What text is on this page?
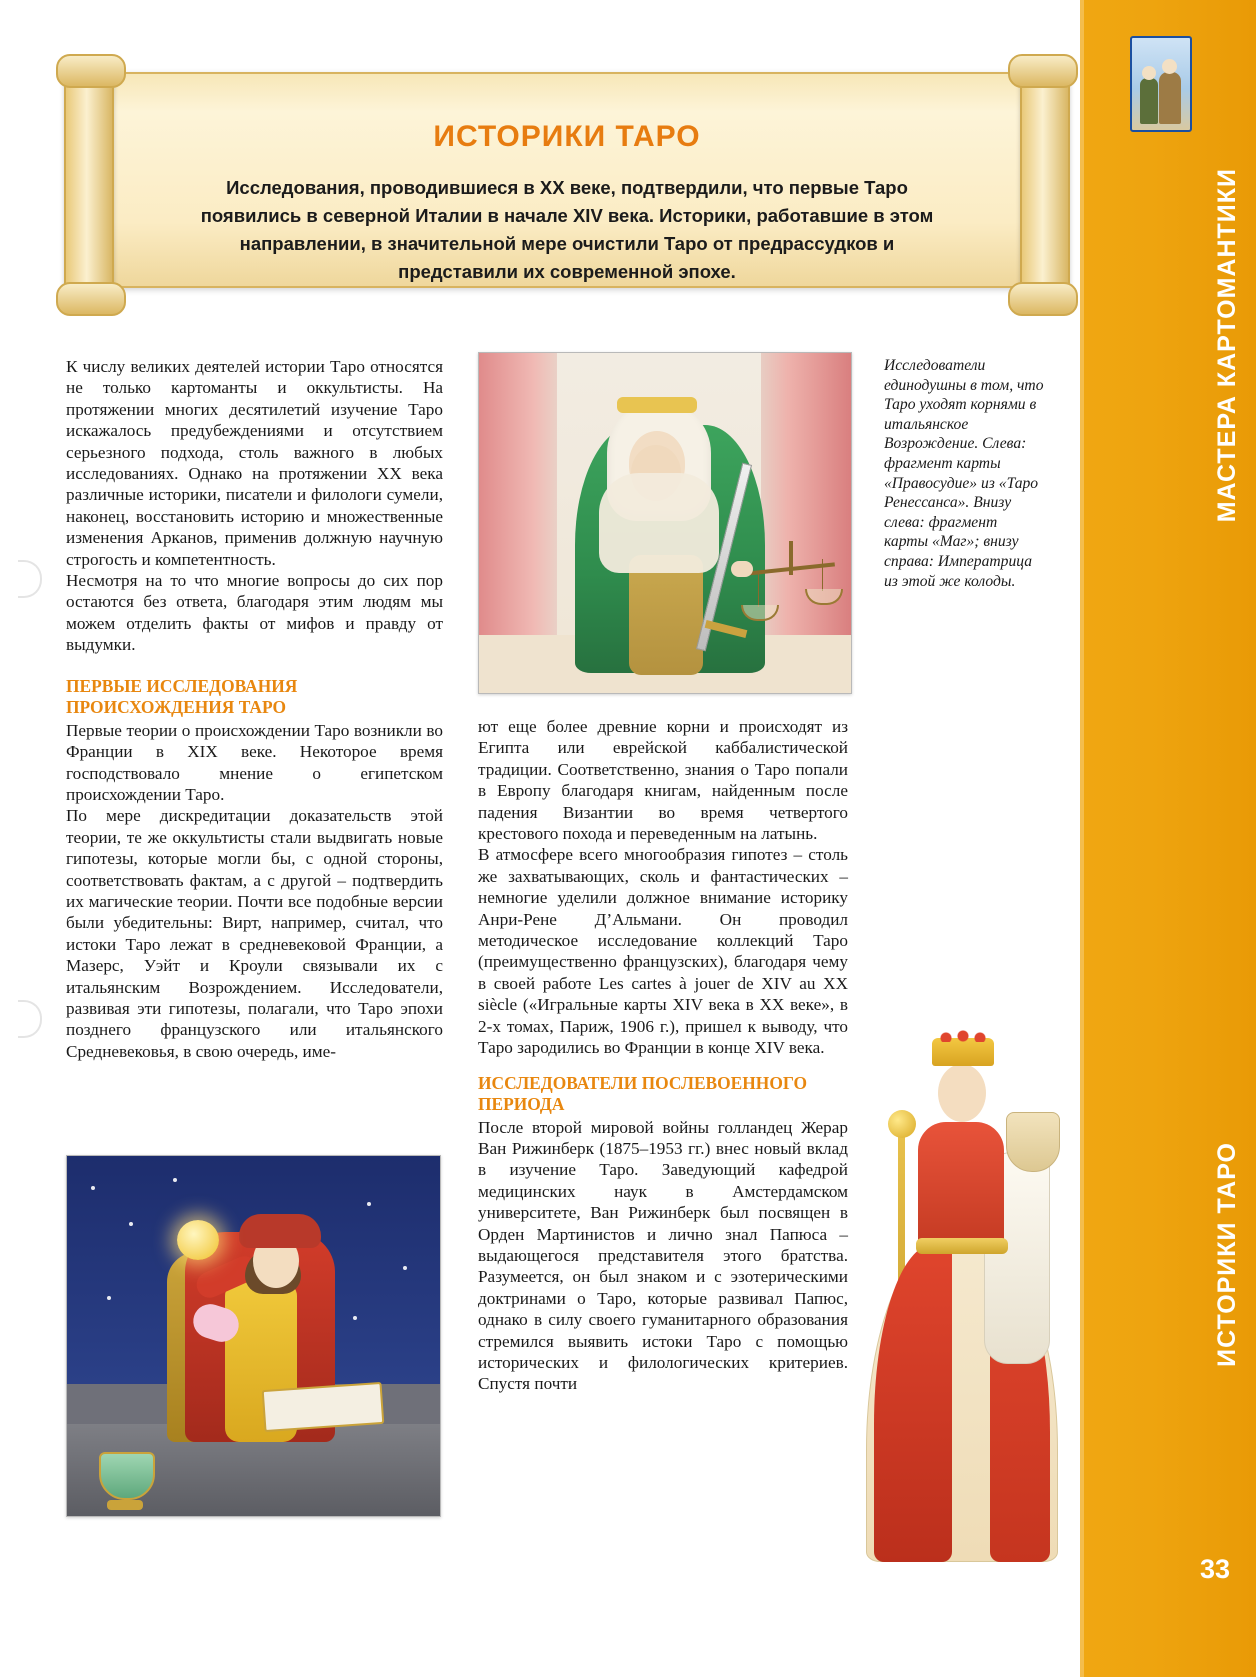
МАСТЕРА КАРТОМАНТИКИ
ИСТОРИКИ ТАРО
33
ИСТОРИКИ ТАРО
Исследования, проводившиеся в XX веке, подтвердили, что первые Таро появились в северной Италии в начале XIV века. Историки, работавшие в этом направлении, в значительной мере очистили Таро от предрассудков и представили их современной эпохе.

К числу великих деятелей истории Таро относятся не только картоманты и оккультисты. На протяжении многих десятилетий изучение Таро искажалось предубеждениями и отсутствием серьезного подхода, столь важного в любых исследованиях. Однако на протяжении XX века различные историки, писатели и филологи сумели, наконец, восстановить историю и множественные изменения Арканов, применив должную научную строгость и компетентность.

Несмотря на то что многие вопросы до сих пор остаются без ответа, благодаря этим людям мы можем отделить факты от мифов и правду от выдумки.

ПЕРВЫЕ ИССЛЕДОВАНИЯ ПРОИСХОЖДЕНИЯ ТАРО

Первые теории о происхождении Таро возникли во Франции в XIX веке. Некоторое время господствовало мнение о египетском происхождении Таро.

По мере дискредитации доказательств этой теории, те же оккультисты стали выдвигать новые гипотезы, которые могли бы, с одной стороны, соответствовать фактам, а с другой – подтвердить их магические теории. Почти все подобные версии были убедительны: Вирт, например, считал, что истоки Таро лежат в средневековой Франции, а Мазерс, Уэйт и Кроули связывали их с итальянским Возрождением. Исследователи, развивая эти гипотезы, полагали, что Таро эпохи позднего французского или итальянского Средневековья, в свою очередь, име-

ют еще более древние корни и происходят из Египта или еврейской каббалистической традиции. Соответственно, знания о Таро попали в Европу благодаря книгам, найденным после падения Византии во время четвертого крестового похода и переведенным на латынь.

В атмосфере всего многообразия гипотез – столь же захватывающих, сколь и фантастических – немногие уделили должное внимание историку Анри-Рене Д’Альмани. Он проводил методическое исследование коллекций Таро (преимущественно французских), благодаря чему в своей работе Les cartes à jouer de XIV au XX siècle («Игральные карты XIV века в XX веке», в 2-х томах, Париж, 1906 г.), пришел к выводу, что Таро зародились во Франции в конце XIV века.

ИССЛЕДОВАТЕЛИ ПОСЛЕВОЕННОГО ПЕРИОДА

После второй мировой войны голландец Жерар Ван Рижинберк (1875–1953 гг.) внес новый вклад в изучение Таро. Заведующий кафедрой медицинских наук в Амстердамском университете, Ван Рижинберк был посвящен в Орден Мартинистов и лично знал Папюса – выдающегося представителя этого братства. Разумеется, он был знаком и с эзотерическими доктринами о Таро, которые развивал Папюс, однако в силу своего гуманитарного образования стремился выявить истоки Таро с помощью исторических и филологических критериев. Спустя почти

Исследователи единодушны в том, что Таро уходят корнями в итальянское Возрождение. Слева: фрагмент карты «Правосудие» из «Таро Ренессанса». Внизу слева: фрагмент карты «Маг»; внизу справа: Императрица из этой же колоды.
